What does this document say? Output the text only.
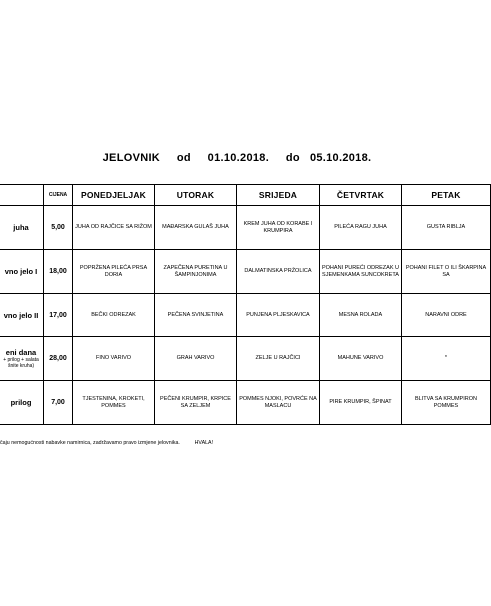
JELOVNIK     od     01.10.2018.     do   05.10.2018.
	CIJENA	PONEDJELJAK	UTORAK	SRIJEDA	ČETVRTAK	PETAK
juha	5,00	JUHA OD RAJČICE SA RIŽOM	MAĐARSKA GULAŠ JUHA	KREM JUHA OD KORABE I KRUMPIRA	PILEĆA RAGU JUHA	GUSTA RIBLJA
vno jelo I	18,00	POPRŽENA PILEĆA PRSA DORIA	ZAPEČENA PURETINA U ŠAMPINJONIMA	DALMATINSKA PRŽOLICA	POHANI PUREĆI ODREZAK U SJEMENKAMA SUNCOKRETA	POHANI FILET O ILI ŠKARPINA SA
vno jelo II	17,00	BEČKI ODREZAK	PEČENA SVINJETINA	PUNJENA PLJESKAVICA	MESNA ROLADA	NARAVNI ODRE
eni dana
+ prilog + salata
šnite kruha)	28,00	FINO VARIVO	GRAH VARIVO	ZELJE U RAJČICI	MAHUNE VARIVO	*
prilog	7,00	TJESTENINA, KROKETI, POMMES	PEČENI KRUMPIR, KRPICE SA ZELJEM	POMMES NJOKI, POVRĆE NA MASLACU	PIRE KRUMPIR, ŠPINAT	BLITVA SA KRUMPIRON POMMES
čaju nemogućnosti nabavke namirnica, zadržavamo pravo izmjene jelovnika.          HVALA!
